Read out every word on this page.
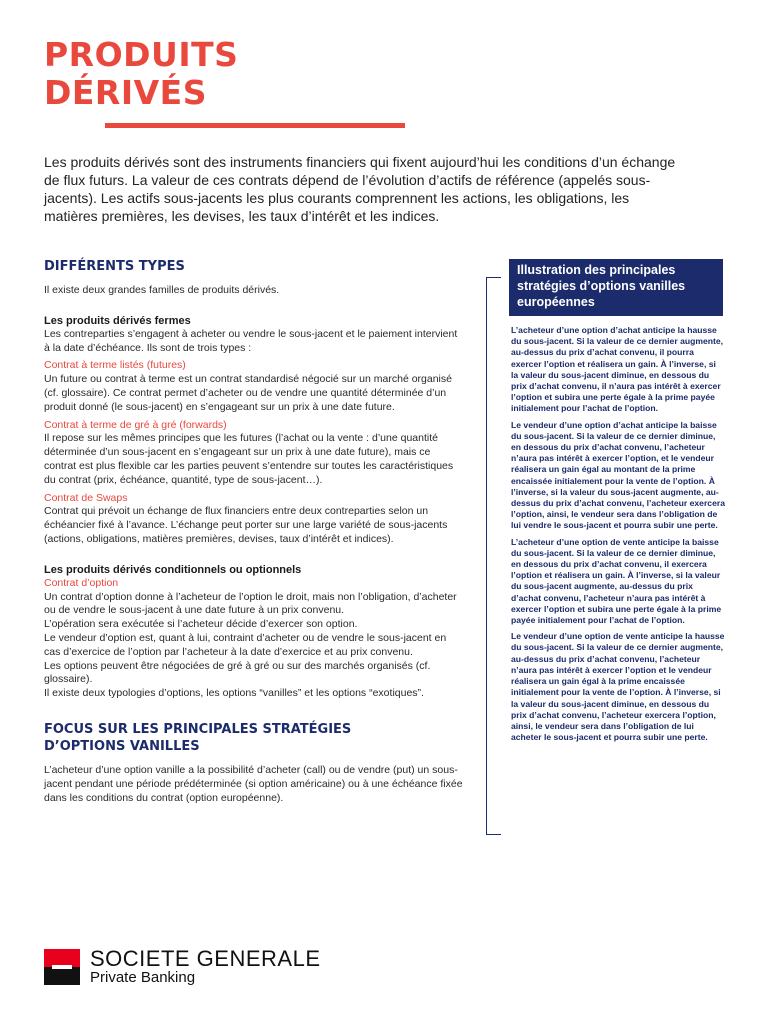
PRODUITS
DÉRIVÉS

Les produits dérivés sont des instruments financiers qui fixent aujourd’hui les conditions d’un échange de flux futurs. La valeur de ces contrats dépend de l’évolution d’actifs de référence (appelés sous-jacents). Les actifs sous-jacents les plus courants comprennent les actions, les obligations, les matières premières, les devises, les taux d’intérêt et les indices.

DIFFÉRENTS TYPES

Il existe deux grandes familles de produits dérivés.

Les produits dérivés fermes

Les contreparties s’engagent à acheter ou vendre le sous-jacent et le paiement intervient à la date d’échéance. Ils sont de trois types :

Contrat à terme listés (futures)

Un future ou contrat à terme est un contrat standardisé négocié sur un marché organisé (cf. glossaire). Ce contrat permet d’acheter ou de vendre une quantité déterminée d’un produit donné (le sous-jacent) en s’engageant sur un prix à une date future.

Contrat à terme de gré à gré (forwards)

Il repose sur les mêmes principes que les futures (l’achat ou la vente : d’une quantité déterminée d’un sous-jacent en s’engageant sur un prix à une date future), mais ce contrat est plus flexible car les parties peuvent s’entendre sur toutes les caractéristiques du contrat (prix, échéance, quantité, type de sous-jacent…).

Contrat de Swaps

Contrat qui prévoit un échange de flux financiers entre deux contreparties selon un échéancier fixé à l’avance. L’échange peut porter sur une large variété de sous-jacents (actions, obligations, matières premières, devises, taux d’intérêt et indices).

Les produits dérivés conditionnels ou optionnels

Contrat d’option

Un contrat d’option donne à l’acheteur de l’option le droit, mais non l’obligation, d’acheter ou de vendre le sous-jacent à une date future à un prix convenu.

L’opération sera exécutée si l’acheteur décide d’exercer son option.

Le vendeur d’option est, quant à lui, contraint d’acheter ou de vendre le sous-jacent en cas d’exercice de l’option par l’acheteur à la date d’exercice et au prix convenu.

Les options peuvent être négociées de gré à gré ou sur des marchés organisés (cf. glossaire).

Il existe deux typologies d’options, les options “vanilles” et les options “exotiques”.

FOCUS SUR LES PRINCIPALES STRATÉGIES
D’OPTIONS VANILLES

L’acheteur d’une option vanille a la possibilité d’acheter (call) ou de vendre (put) un sous-jacent pendant une période prédéterminée (si option américaine) ou à une échéance fixée dans les conditions du contrat (option européenne).

Illustration des principales stratégies d’options vanilles européennes

L’acheteur d’une option d’achat anticipe la hausse du sous-jacent. Si la valeur de ce dernier augmente, au-dessus du prix d’achat convenu, il pourra exercer l’option et réalisera un gain. À l’inverse, si la valeur du sous-jacent diminue, en dessous du prix d’achat convenu, il n’aura pas intérêt à exercer l’option et subira une perte égale à la prime payée initialement pour l’achat de l’option.

Le vendeur d’une option d’achat anticipe la baisse du sous-jacent. Si la valeur de ce dernier diminue, en dessous du prix d’achat convenu, l’acheteur n’aura pas intérêt à exercer l’option, et le vendeur réalisera un gain égal au montant de la prime encaissée initialement pour la vente de l’option. À l’inverse, si la valeur du sous-jacent augmente, au-dessus du prix d’achat convenu, l’acheteur exercera l’option, ainsi, le vendeur sera dans l’obligation de lui vendre le sous-jacent et pourra subir une perte.

L’acheteur d’une option de vente anticipe la baisse du sous-jacent. Si la valeur de ce dernier diminue, en dessous du prix d’achat convenu, il exercera l’option et réalisera un gain. À l’inverse, si la valeur du sous-jacent augmente, au-dessus du prix d’achat convenu, l’acheteur n’aura pas intérêt à exercer l’option et subira une perte égale à la prime payée initialement pour l’achat de l’option.

Le vendeur d’une option de vente anticipe la hausse du sous-jacent. Si la valeur de ce dernier augmente, au-dessus du prix d’achat convenu, l’acheteur n’aura pas intérêt à exercer l’option et le vendeur réalisera un gain égal à la prime encaissée initialement pour la vente de l’option. À l’inverse, si la valeur du sous-jacent diminue, en dessous du prix d’achat convenu, l’acheteur exercera l’option, ainsi, le vendeur sera dans l’obligation de lui acheter le sous-jacent et pourra subir une perte.

SOCIETE GENERALE
Private Banking
